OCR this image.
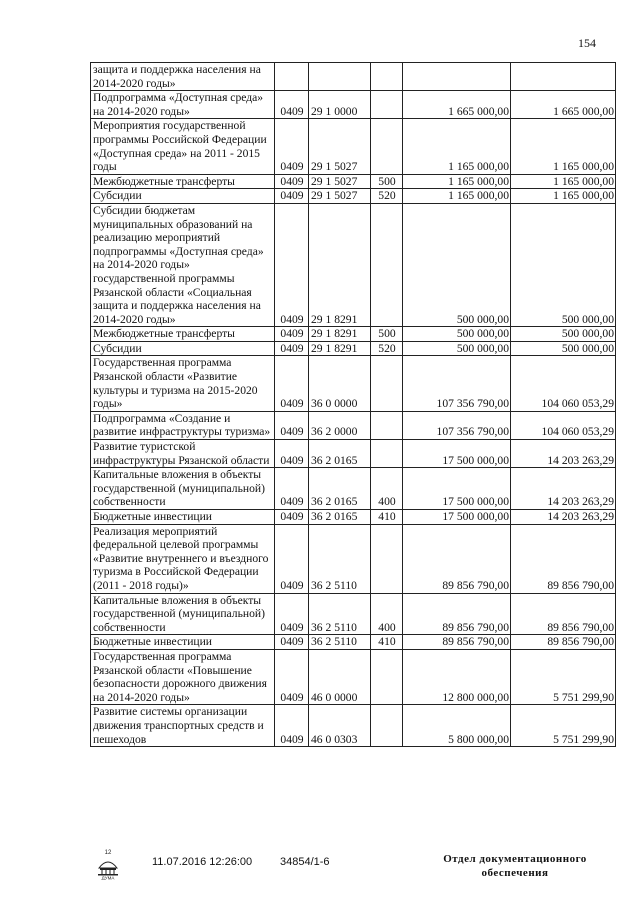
154
защита и поддержка населения на 2014-2020 годы»					
Подпрограмма «Доступная среда» на 2014-2020 годы»	0409	29 1 0000		1 665 000,00	1 665 000,00
Мероприятия государственной программы Российской Федерации «Доступная среда» на 2011 - 2015 годы	0409	29 1 5027		1 165 000,00	1 165 000,00
Межбюджетные трансферты	0409	29 1 5027	500	1 165 000,00	1 165 000,00
Субсидии	0409	29 1 5027	520	1 165 000,00	1 165 000,00
Субсидии бюджетам муниципальных образований на реализацию мероприятий подпрограммы «Доступная среда» на 2014-2020 годы» государственной программы Рязанской области «Социальная защита и поддержка населения на 2014-2020 годы»	0409	29 1 8291		500 000,00	500 000,00
Межбюджетные трансферты	0409	29 1 8291	500	500 000,00	500 000,00
Субсидии	0409	29 1 8291	520	500 000,00	500 000,00
Государственная программа Рязанской области «Развитие культуры и туризма на 2015-2020 годы»	0409	36 0 0000		107 356 790,00	104 060 053,29
Подпрограмма «Создание и развитие инфраструктуры туризма»	0409	36 2 0000		107 356 790,00	104 060 053,29
Развитие туристской инфраструктуры Рязанской области	0409	36 2 0165		17 500 000,00	14 203 263,29
Капитальные вложения в объекты государственной (муниципальной) собственности	0409	36 2 0165	400	17 500 000,00	14 203 263,29
Бюджетные инвестиции	0409	36 2 0165	410	17 500 000,00	14 203 263,29
Реализация мероприятий федеральной целевой программы «Развитие внутреннего и въездного туризма в Российской Федерации (2011 - 2018 годы)»	0409	36 2 5110		89 856 790,00	89 856 790,00
Капитальные вложения в объекты государственной (муниципальной) собственности	0409	36 2 5110	400	89 856 790,00	89 856 790,00
Бюджетные инвестиции	0409	36 2 5110	410	89 856 790,00	89 856 790,00
Государственная программа Рязанской области «Повышение безопасности дорожного движения на 2014-2020 годы»	0409	46 0 0000		12 800 000,00	5 751 299,90
Развитие системы организации движения транспортных средств и пешеходов	0409	46 0 0303		5 800 000,00	5 751 299,90
12
ДУМА
11.07.2016 12:26:00	34854/1-6	Отдел документационного
обеспечения
